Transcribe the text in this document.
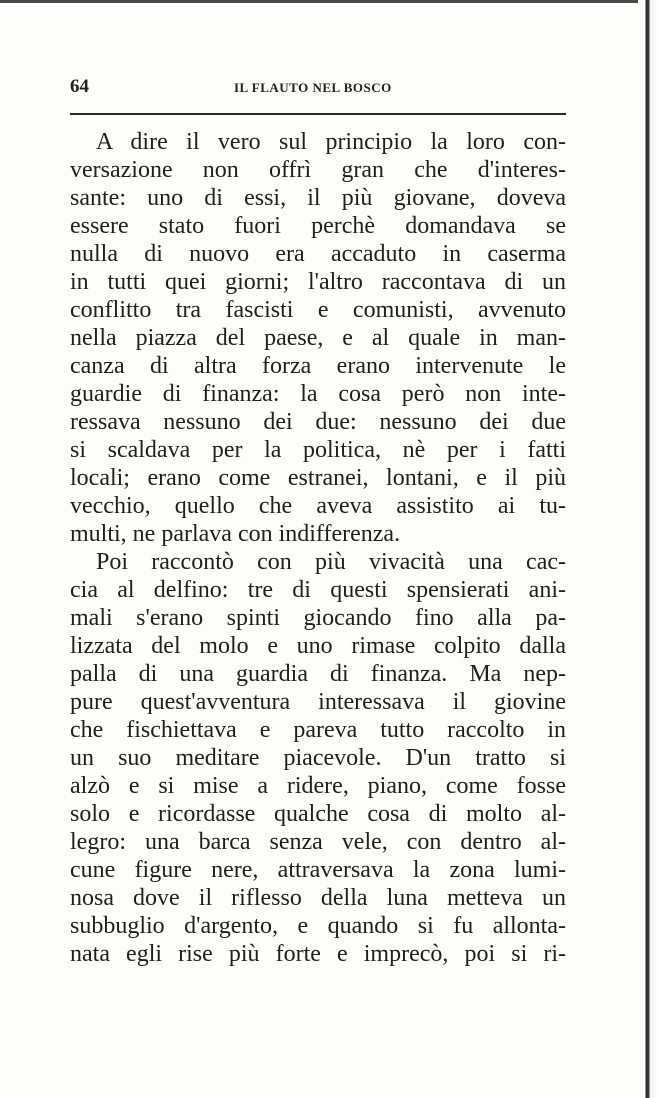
64	IL FLAUTO NEL BOSCO
A dire il vero sul principio la loro con-
versazione non offrì gran che d'interes-
sante: uno di essi, il più giovane, doveva
essere stato fuori perchè domandava se
nulla di nuovo era accaduto in caserma
in tutti quei giorni; l'altro raccontava di un
conflitto tra fascisti e comunisti, avvenuto
nella piazza del paese, e al quale in man-
canza di altra forza erano intervenute le
guardie di finanza: la cosa però non inte-
ressava nessuno dei due: nessuno dei due
si scaldava per la politica, nè per i fatti
locali; erano come estranei, lontani, e il più
vecchio, quello che aveva assistito ai tu-
multi, ne parlava con indifferenza.
Poi raccontò con più vivacità una cac-
cia al delfino: tre di questi spensierati ani-
mali s'erano spinti giocando fino alla pa-
lizzata del molo e uno rimase colpito dalla
palla di una guardia di finanza. Ma nep-
pure quest'avventura interessava il giovine
che fischiettava e pareva tutto raccolto in
un suo meditare piacevole. D'un tratto si
alzò e si mise a ridere, piano, come fosse
solo e ricordasse qualche cosa di molto al-
legro: una barca senza vele, con dentro al-
cune figure nere, attraversava la zona lumi-
nosa dove il riflesso della luna metteva un
subbuglio d'argento, e quando si fu allonta-
nata egli rise più forte e imprecò, poi si ri-
